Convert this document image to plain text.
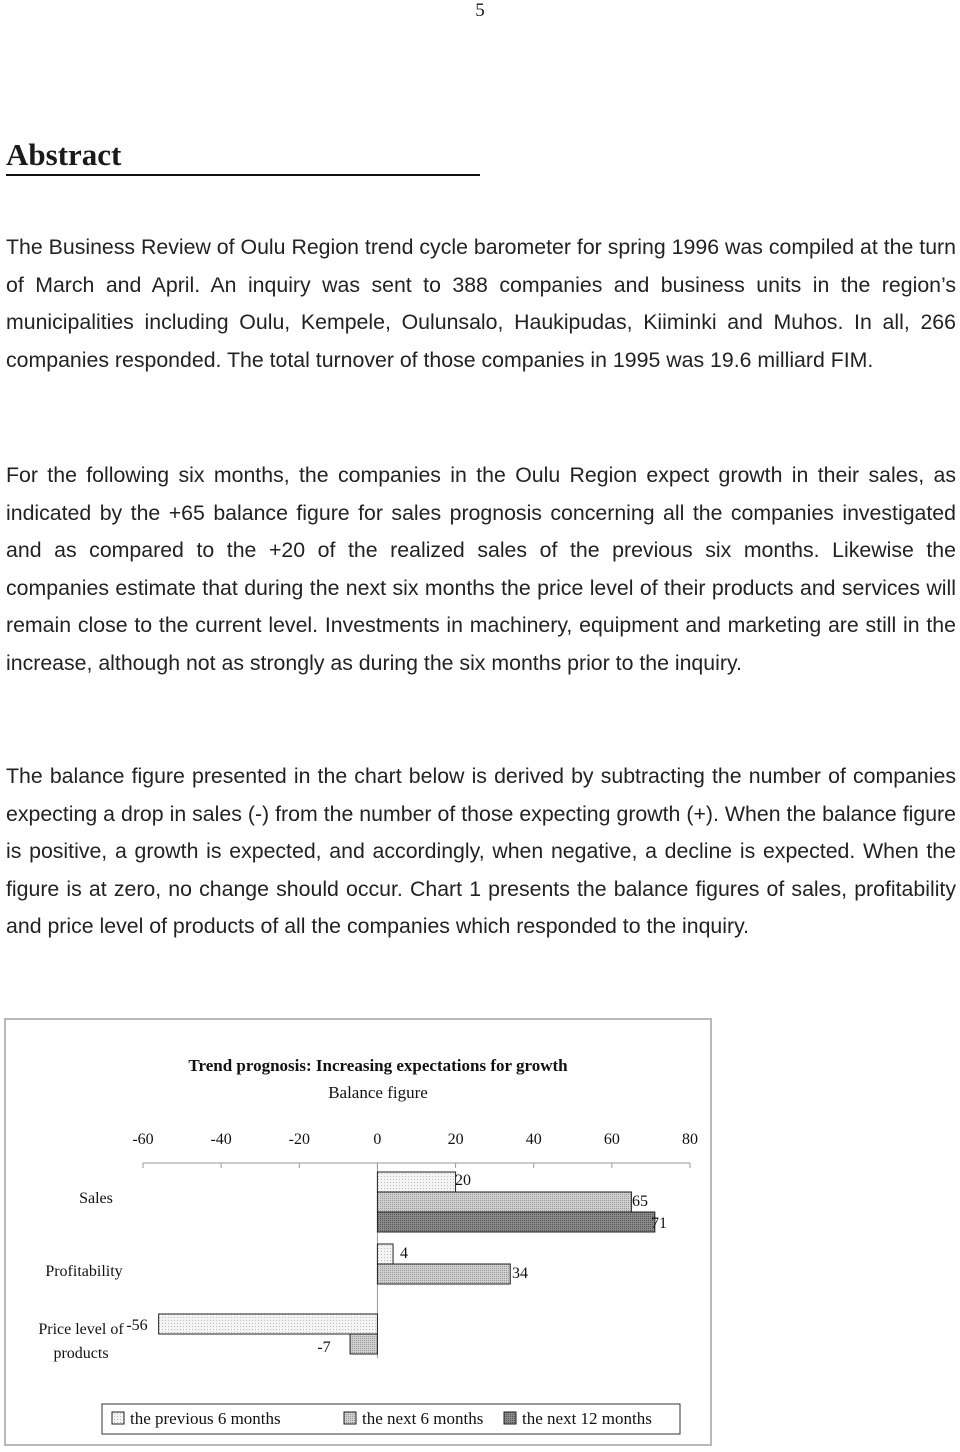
5
Abstract

The Business Review of Oulu Region trend cycle barometer for spring 1996 was compiled at the turn of March and April. An inquiry was sent to 388 companies and business units in the region’s municipalities including Oulu, Kempele, Oulunsalo, Haukipudas, Kiiminki and Muhos. In all, 266 companies responded. The total turnover of those companies in 1995 was 19.6 milliard FIM.

For the following six months, the companies in the Oulu Region expect growth in their sales, as indicated by the +65 balance figure for sales prognosis concerning all the companies investigated and as compared to the +20 of the realized sales of the previous six months. Likewise the companies estimate that during the next six months the price level of their products and services will remain close to the current level. Investments in machinery, equipment and marketing are still in the increase, although not as strongly as during the six months prior to the inquiry.

The balance figure presented in the chart below is derived by subtracting the number of companies expecting a drop in sales (-) from the number of those expecting growth (+). When the balance figure is positive, a growth is expected, and accordingly, when negative, a decline is expected. When the figure is at zero, no change should occur. Chart 1 presents the balance figures of sales, profitability and price level of products of all the companies which responded to the inquiry.

Trend prognosis: Increasing expectations for growth
Balance figure
-60	-40	-20	0	20	40	60	80
20
65
71
4
34
-56
-7
Sales
Profitability
Price level of
products
the previous 6 months	the next 6 months the next 12 months
